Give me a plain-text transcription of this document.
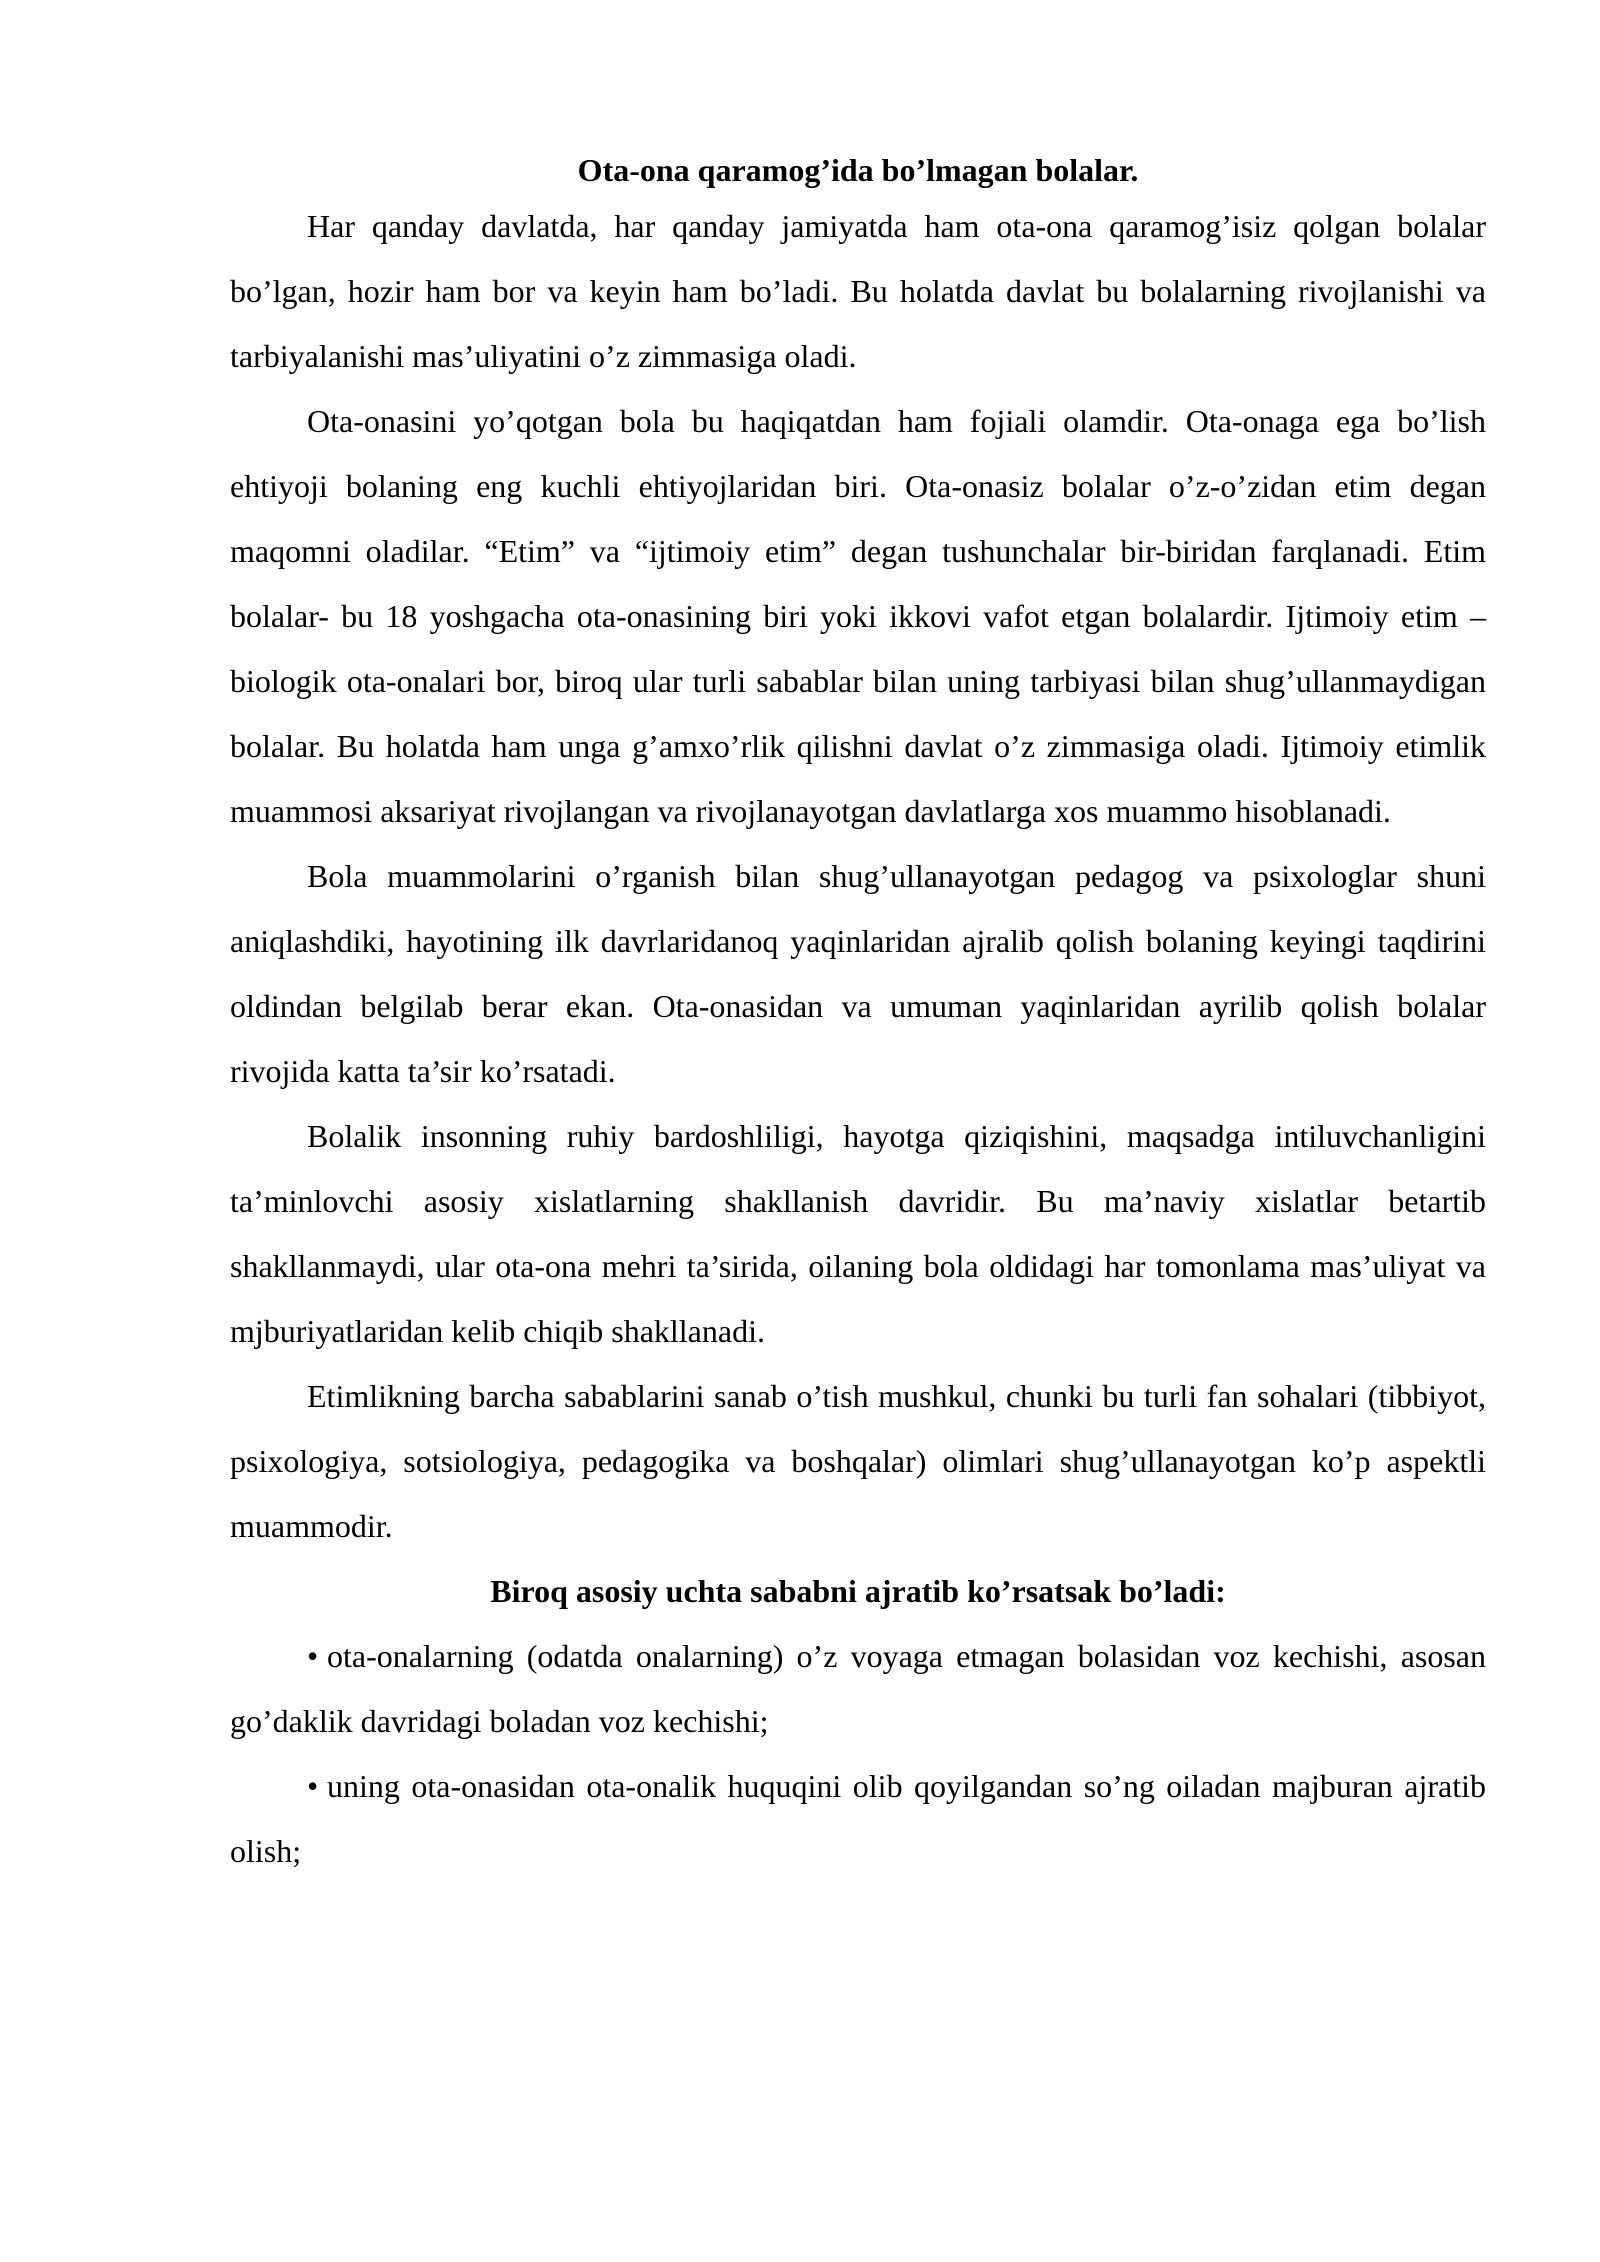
Ota-ona qaramog’ida bo’lmagan bolalar.

Har qanday davlatda, har qanday jamiyatda ham ota-ona qaramog’isiz qolgan bolalar bo’lgan, hozir ham bor va keyin ham bo’ladi. Bu holatda davlat bu bolalarning rivojlanishi va tarbiyalanishi mas’uliyatini o’z zimmasiga oladi.

Ota-onasini yo’qotgan bola bu haqiqatdan ham fojiali olamdir. Ota-onaga ega bo’lish ehtiyoji bolaning eng kuchli ehtiyojlaridan biri. Ota-onasiz bolalar o’z-o’zidan etim degan maqomni oladilar. “Etim” va “ijtimoiy etim” degan tushunchalar bir-biridan farqlanadi. Etim bolalar- bu 18 yoshgacha ota-onasining biri yoki ikkovi vafot etgan bolalardir. Ijtimoiy etim – biologik ota-onalari bor, biroq ular turli sabablar bilan uning tarbiyasi bilan shug’ullanmaydigan bolalar. Bu holatda ham unga g’amxo’rlik qilishni davlat o’z zimmasiga oladi. Ijtimoiy etimlik muammosi aksariyat rivojlangan va rivojlanayotgan davlatlarga xos muammo hisoblanadi.

Bola muammolarini o’rganish bilan shug’ullanayotgan pedagog va psixologlar shuni aniqlashdiki, hayotining ilk davrlaridanoq yaqinlaridan ajralib qolish bolaning keyingi taqdirini oldindan belgilab berar ekan. Ota-onasidan va umuman yaqinlaridan ayrilib qolish bolalar rivojida katta ta’sir ko’rsatadi.

Bolalik insonning ruhiy bardoshliligi, hayotga qiziqishini, maqsadga intiluvchanligini ta’minlovchi asosiy xislatlarning shakllanish davridir. Bu ma’naviy xislatlar betartib shakllanmaydi, ular ota-ona mehri ta’sirida, oilaning bola oldidagi har tomonlama mas’uliyat va mjburiyatlaridan kelib chiqib shakllanadi.

Etimlikning barcha sabablarini sanab o’tish mushkul, chunki bu turli fan sohalari (tibbiyot, psixologiya, sotsiologiya, pedagogika va boshqalar) olimlari shug’ullanayotgan ko’p aspektli muammodir.

Biroq asosiy uchta sababni ajratib ko’rsatsak bo’ladi:

• ota-onalarning (odatda onalarning) o’z voyaga etmagan bolasidan voz kechishi, asosan go’daklik davridagi boladan voz kechishi;

• uning ota-onasidan ota-onalik huquqini olib qoyilgandan so’ng oiladan majburan ajratib olish;
